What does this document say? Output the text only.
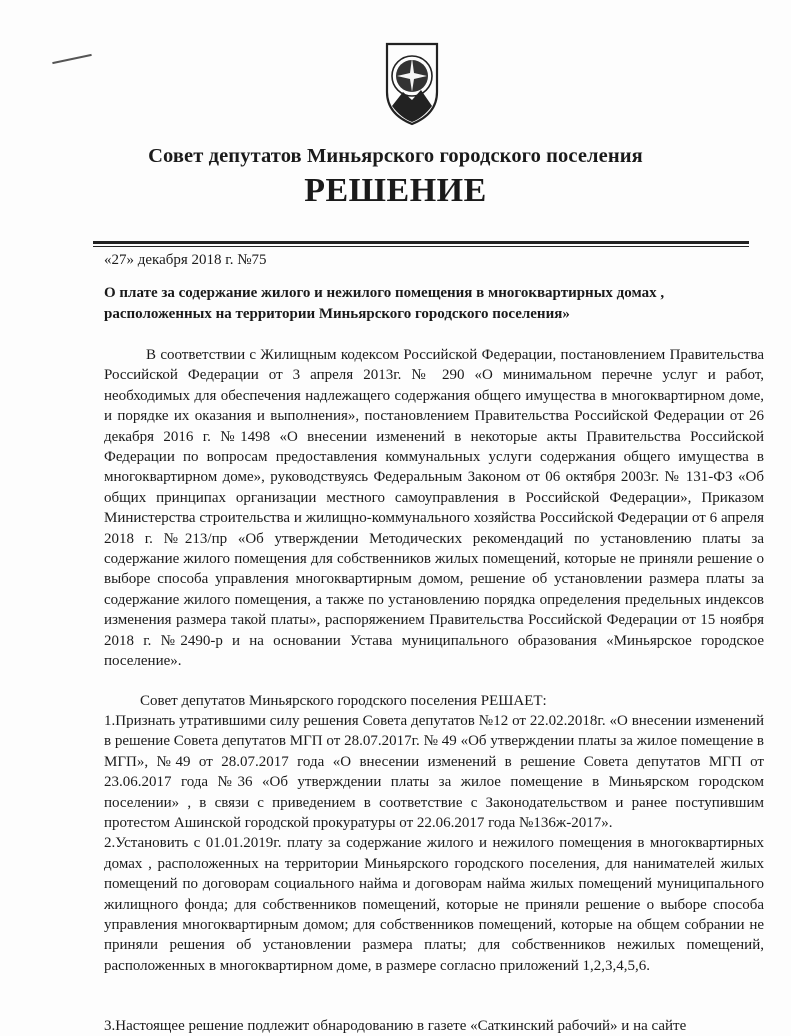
Совет депутатов Миньярского городского поселения
РЕШЕНИЕ
«27» декабря 2018 г. №75
О плате за содержание жилого и нежилого помещения в многоквартирных домах ,
расположенных на территории Миньярского городского поселения»
В соответствии с Жилищным кодексом Российской Федерации, постановлением Правительства Российской Федерации от 3 апреля 2013г. № 290 «О минимальном перечне услуг и работ, необходимых для обеспечения надлежащего содержания общего имущества в многоквартирном доме, и порядке их оказания и выполнения», постановлением Правительства Российской Федерации от 26 декабря 2016 г. №1498 «О внесении изменений в некоторые акты Правительства Российской Федерации по вопросам предоставления коммунальных услуги содержания общего имущества в многоквартирном доме», руководствуясь Федеральным Законом от 06 октября 2003г. № 131-ФЗ «Об общих принципах организации местного самоуправления в Российской Федерации», Приказом Министерства строительства и жилищно-коммунального хозяйства Российской Федерации от 6 апреля 2018 г. №213/пр «Об утверждении Методических рекомендаций по установлению платы за содержание жилого помещения для собственников жилых помещений, которые не приняли решение о выборе способа управления многоквартирным домом, решение об установлении размера платы за содержание жилого помещения, а также по установлению порядка определения предельных индексов изменения размера такой платы», распоряжением Правительства Российской Федерации от 15 ноября 2018 г. №2490-р и на основании Устава муниципального образования «Миньярское городское поселение».
Совет депутатов Миньярского городского поселения РЕШАЕТ:

1.Признать утратившими силу решения Совета депутатов №12 от 22.02.2018г. «О внесении изменений в решение Совета депутатов МГП от 28.07.2017г. № 49 «Об утверждении платы за жилое помещение в МГП», №49 от 28.07.2017 года «О внесении изменений в решение Совета депутатов МГП от 23.06.2017 года №36 «Об утверждении платы за жилое помещение в Миньярском городском поселении» , в связи с приведением в соответствие с Законодательством и ранее поступившим протестом Ашинской городской прокуратуры от 22.06.2017 года №136ж-2017».

2.Установить с 01.01.2019г. плату за содержание жилого и нежилого помещения в многоквартирных домах , расположенных на территории Миньярского городского поселения, для нанимателей жилых помещений по договорам социального найма и договорам найма жилых помещений муниципального жилищного фонда; для собственников помещений, которые не приняли решение о выборе способа управления многоквартирным домом; для собственников помещений, которые на общем собрании не приняли решения об установлении размера платы; для собственников нежилых помещений, расположенных в многоквартирном доме, в размере согласно приложений 1,2,3,4,5,6.

3.Настоящее решение подлежит обнародованию в газете «Саткинский рабочий» и на сайте
